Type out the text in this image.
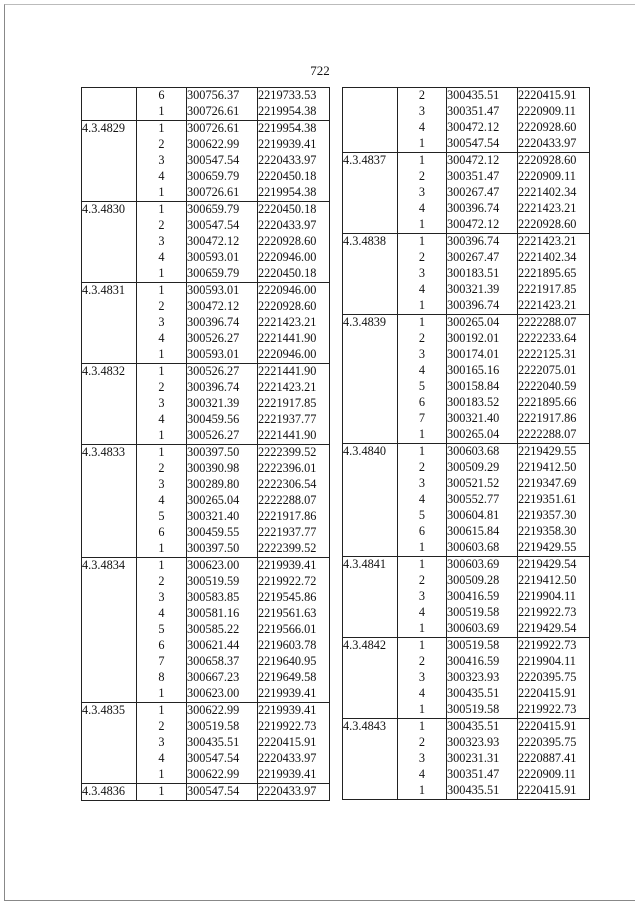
722
	6	300756.37	2219733.53
	1	300726.61	2219954.38
4.3.4829	1	300726.61	2219954.38
	2	300622.99	2219939.41
	3	300547.54	2220433.97
	4	300659.79	2220450.18
	1	300726.61	2219954.38
4.3.4830	1	300659.79	2220450.18
	2	300547.54	2220433.97
	3	300472.12	2220928.60
	4	300593.01	2220946.00
	1	300659.79	2220450.18
4.3.4831	1	300593.01	2220946.00
	2	300472.12	2220928.60
	3	300396.74	2221423.21
	4	300526.27	2221441.90
	1	300593.01	2220946.00
4.3.4832	1	300526.27	2221441.90
	2	300396.74	2221423.21
	3	300321.39	2221917.85
	4	300459.56	2221937.77
	1	300526.27	2221441.90
4.3.4833	1	300397.50	2222399.52
	2	300390.98	2222396.01
	3	300289.80	2222306.54
	4	300265.04	2222288.07
	5	300321.40	2221917.86
	6	300459.55	2221937.77
	1	300397.50	2222399.52
4.3.4834	1	300623.00	2219939.41
	2	300519.59	2219922.72
	3	300583.85	2219545.86
	4	300581.16	2219561.63
	5	300585.22	2219566.01
	6	300621.44	2219603.78
	7	300658.37	2219640.95
	8	300667.23	2219649.58
	1	300623.00	2219939.41
4.3.4835	1	300622.99	2219939.41
	2	300519.58	2219922.73
	3	300435.51	2220415.91
	4	300547.54	2220433.97
	1	300622.99	2219939.41
4.3.4836	1	300547.54	2220433.97
	2	300435.51	2220415.91
	3	300351.47	2220909.11
	4	300472.12	2220928.60
	1	300547.54	2220433.97
4.3.4837	1	300472.12	2220928.60
	2	300351.47	2220909.11
	3	300267.47	2221402.34
	4	300396.74	2221423.21
	1	300472.12	2220928.60
4.3.4838	1	300396.74	2221423.21
	2	300267.47	2221402.34
	3	300183.51	2221895.65
	4	300321.39	2221917.85
	1	300396.74	2221423.21
4.3.4839	1	300265.04	2222288.07
	2	300192.01	2222233.64
	3	300174.01	2222125.31
	4	300165.16	2222075.01
	5	300158.84	2222040.59
	6	300183.52	2221895.66
	7	300321.40	2221917.86
	1	300265.04	2222288.07
4.3.4840	1	300603.68	2219429.55
	2	300509.29	2219412.50
	3	300521.52	2219347.69
	4	300552.77	2219351.61
	5	300604.81	2219357.30
	6	300615.84	2219358.30
	1	300603.68	2219429.55
4.3.4841	1	300603.69	2219429.54
	2	300509.28	2219412.50
	3	300416.59	2219904.11
	4	300519.58	2219922.73
	1	300603.69	2219429.54
4.3.4842	1	300519.58	2219922.73
	2	300416.59	2219904.11
	3	300323.93	2220395.75
	4	300435.51	2220415.91
	1	300519.58	2219922.73
4.3.4843	1	300435.51	2220415.91
	2	300323.93	2220395.75
	3	300231.31	2220887.41
	4	300351.47	2220909.11
	1	300435.51	2220415.91
